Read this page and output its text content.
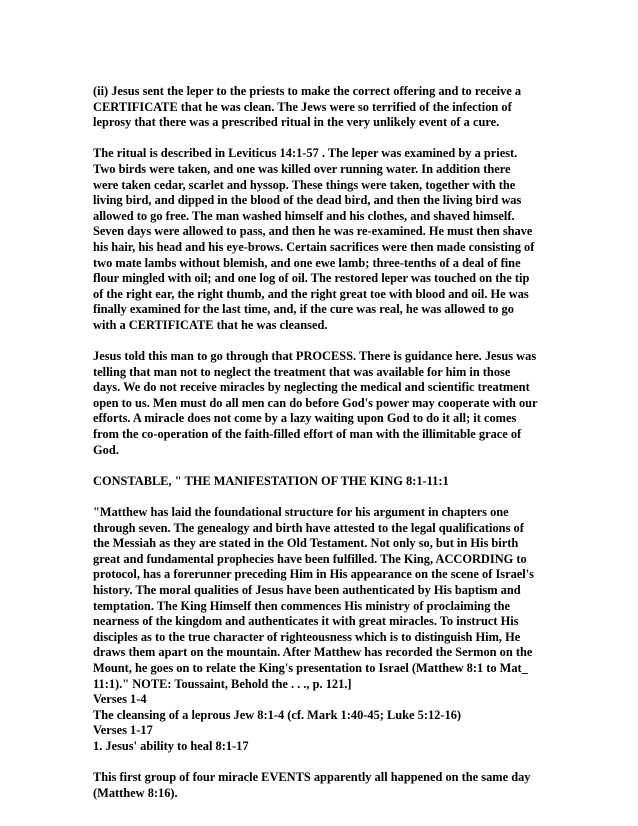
(ii) Jesus sent the leper to the priests to make the correct offering and to receive a
CERTIFICATE that he was clean. The Jews were so terrified of the infection of
leprosy that there was a prescribed ritual in the very unlikely event of a cure.
The ritual is described in Leviticus 14:1-57 . The leper was examined by a priest.
Two birds were taken, and one was killed over running water. In addition there
were taken cedar, scarlet and hyssop. These things were taken, together with the
living bird, and dipped in the blood of the dead bird, and then the living bird was
allowed to go free. The man washed himself and his clothes, and shaved himself.
Seven days were allowed to pass, and then he was re-examined. He must then shave
his hair, his head and his eye-brows. Certain sacrifices were then made consisting of
two mate lambs without blemish, and one ewe lamb; three-tenths of a deal of fine
flour mingled with oil; and one log of oil. The restored leper was touched on the tip
of the right ear, the right thumb, and the right great toe with blood and oil. He was
finally examined for the last time, and, if the cure was real, he was allowed to go
with a CERTIFICATE that he was cleansed.
Jesus told this man to go through that PROCESS. There is guidance here. Jesus was
telling that man not to neglect the treatment that was available for him in those
days. We do not receive miracles by neglecting the medical and scientific treatment
open to us. Men must do all men can do before God's power may cooperate with our
efforts. A miracle does not come by a lazy waiting upon God to do it all; it comes
from the co-operation of the faith-filled effort of man with the illimitable grace of
God.
CONSTABLE, " THE MANIFESTATION OF THE KING 8:1-11:1
"Matthew has laid the foundational structure for his argument in chapters one
through seven. The genealogy and birth have attested to the legal qualifications of
the Messiah as they are stated in the Old Testament. Not only so, but in His birth
great and fundamental prophecies have been fulfilled. The King, ACCORDING to
protocol, has a forerunner preceding Him in His appearance on the scene of Israel's
history. The moral qualities of Jesus have been authenticated by His baptism and
temptation. The King Himself then commences His ministry of proclaiming the
nearness of the kingdom and authenticates it with great miracles. To instruct His
disciples as to the true character of righteousness which is to distinguish Him, He
draws them apart on the mountain. After Matthew has recorded the Sermon on the
Mount, he goes on to relate the King's presentation to Israel (Matthew 8:1 to Mat_
11:1)." NOTE: Toussaint, Behold the . . ., p. 121.]
Verses 1-4
The cleansing of a leprous Jew 8:1-4 (cf. Mark 1:40-45; Luke 5:12-16)
Verses 1-17
1. Jesus' ability to heal 8:1-17
This first group of four miracle EVENTS apparently all happened on the same day
(Matthew 8:16).
